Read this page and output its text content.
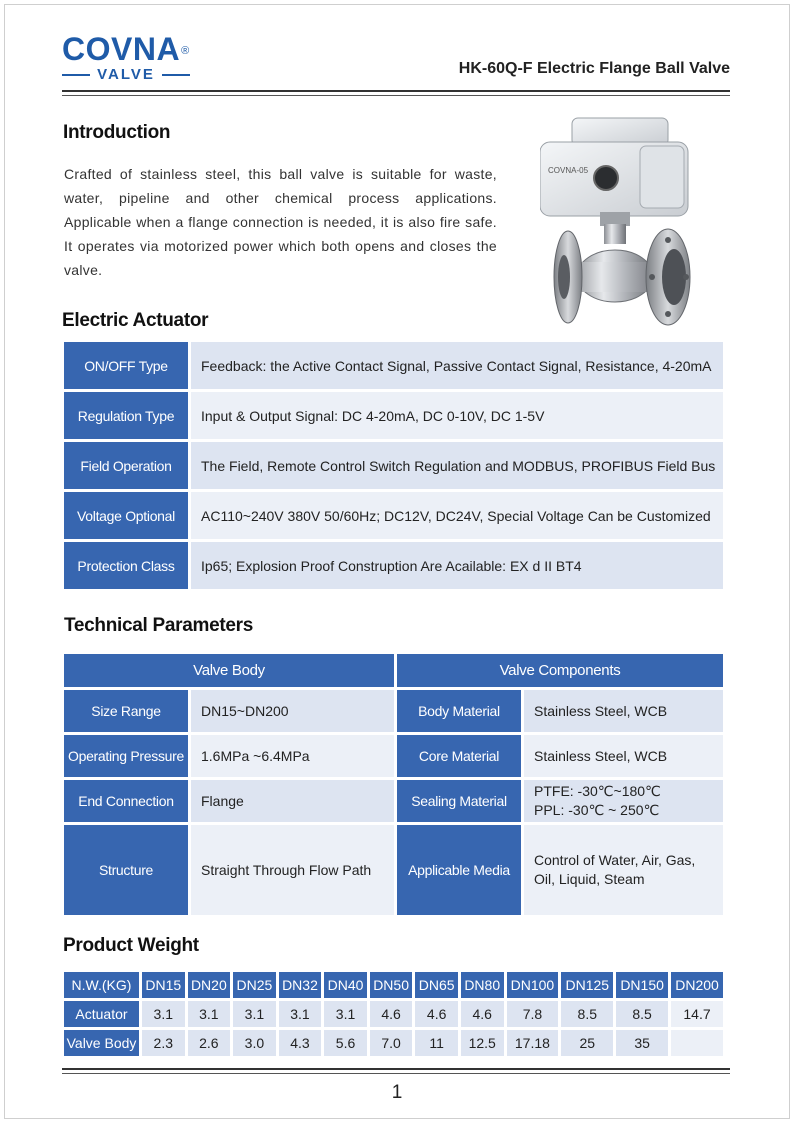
COVNA®
VALVE	HK-60Q-F Electric Flange Ball Valve
Introduction

Crafted of stainless steel, this ball valve is suitable for waste, water, pipeline and other chemical process applications. Applicable when a flange connection is needed, it is also fire safe. It operates via motorized power which both opens and closes the valve.

COVNA-05
Electric Actuator
ON/OFF Type	Feedback: the Active Contact Signal, Passive Contact Signal, Resistance, 4-20mA
Regulation Type	Input & Output Signal: DC 4-20mA, DC 0-10V, DC 1-5V
Field Operation	The Field, Remote Control Switch Regulation and MODBUS, PROFIBUS Field Bus
Voltage Optional	AC110~240V 380V 50/60Hz; DC12V, DC24V, Special Voltage Can be Customized
Protection Class	Ip65; Explosion Proof Construption Are Acailable: EX d II BT4
Technical Parameters
Valve Body		Valve Components	
Size Range	DN15~DN200	Body Material	Stainless Steel, WCB
Operating Pressure	1.6MPa ~6.4MPa	Core Material	Stainless Steel, WCB
End Connection	Flange	Sealing Material	PTFE: -30℃~180℃
PPL: -30℃ ~ 250℃

Structure	Straight Through Flow Path	Applicable Media	Control of Water, Air, Gas,
Oil, Liquid, Steam
Product Weight
N.W.(KG)	DN15	DN20	DN25	DN32	DN40	DN50	DN65	DN80	DN100	DN125	DN150	DN200
Actuator	3.1	3.1	3.1	3.1	3.1	4.6	4.6	4.6	7.8	8.5	8.5	14.7
Valve Body	2.3	2.6	3.0	4.3	5.6	7.0	11	12.5	17.18	25	35	
1
